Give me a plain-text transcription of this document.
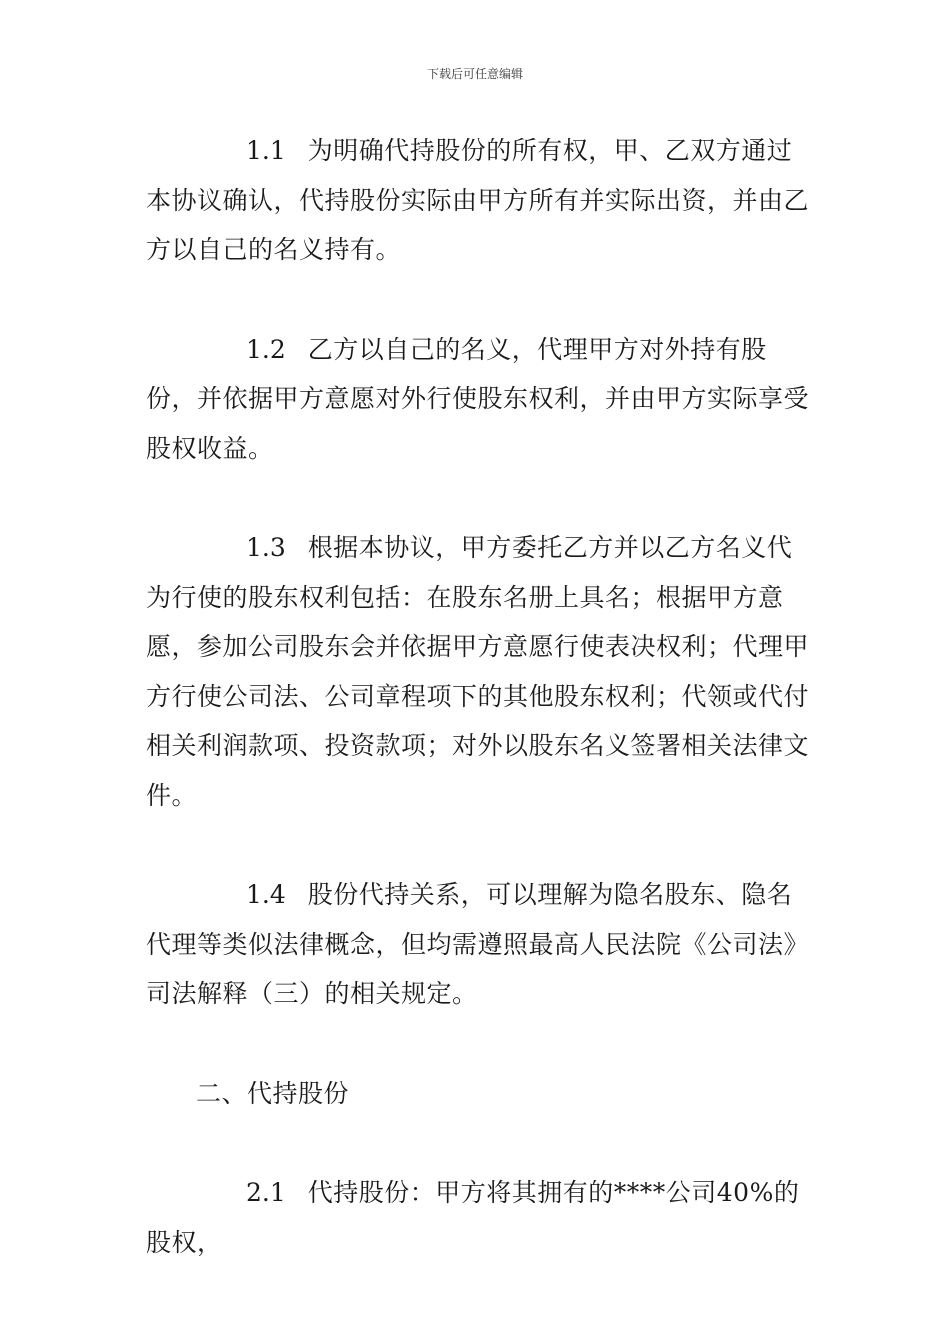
下载后可任意编辑

1.1 为明确代持股份的所有权，甲、乙双方通过本协议确认，代持股份实际由甲方所有并实际出资，并由乙方以自己的名义持有。

1.2 乙方以自己的名义，代理甲方对外持有股份，并依据甲方意愿对外行使股东权利，并由甲方实际享受股权收益。

1.3 根据本协议，甲方委托乙方并以乙方名义代为行使的股东权利包括：在股东名册上具名；根据甲方意愿，参加公司股东会并依据甲方意愿行使表决权利；代理甲方行使公司法、公司章程项下的其他股东权利；代领或代付相关利润款项、投资款项；对外以股东名义签署相关法律文件。

1.4 股份代持关系，可以理解为隐名股东、隐名代理等类似法律概念，但均需遵照最高人民法院《公司法》司法解释（三）的相关规定。

二、代持股份

2.1 代持股份：甲方将其拥有的****公司40%的股权，
